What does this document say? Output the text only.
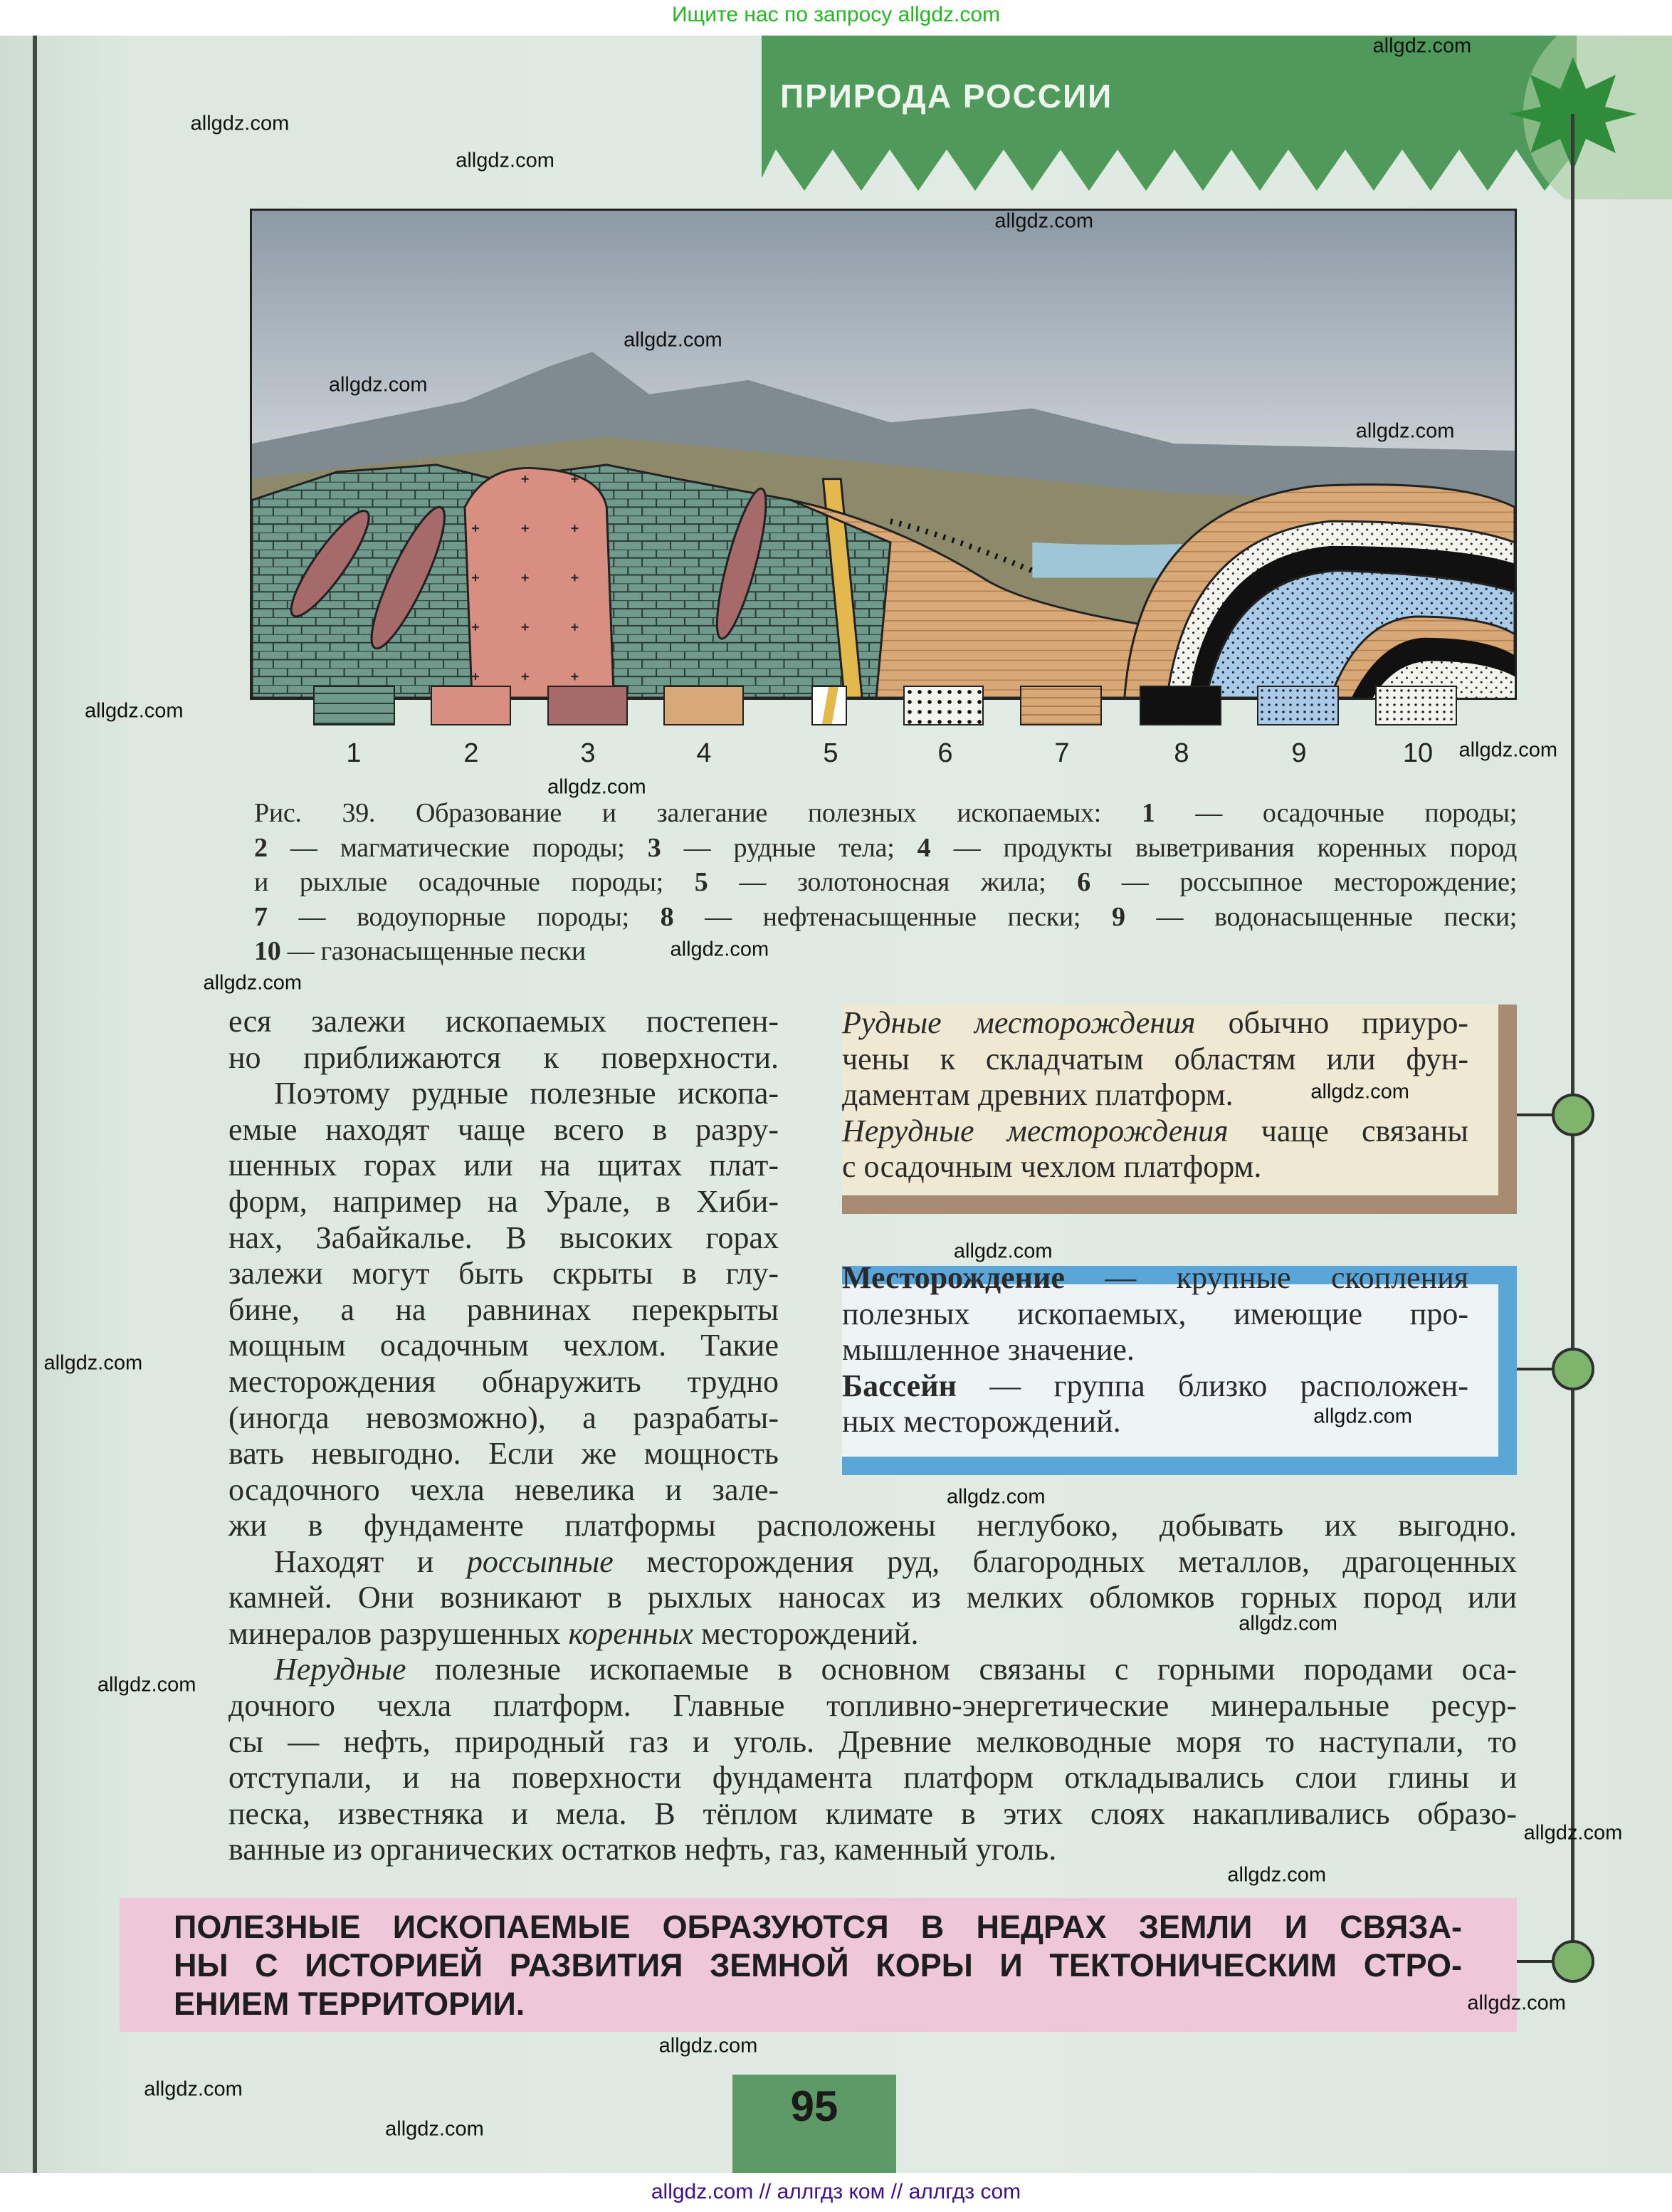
Ищите нас по запросу allgdz.com
ПРИРОДА РОССИИ
1	2	3	4	5	6	7	8	9	10
Рис. 39. Образование и залегание полезных ископаемых: 1 — осадочные породы;
2 — магматические породы; 3 — рудные тела; 4 — продукты выветривания коренных пород
и рыхлые осадочные породы; 5 — золотоносная жила; 6 — россыпное месторождение;
7 — водоупорные породы; 8 — нефтенасыщенные пески; 9 — водонасыщенные пески;
10 — газонасыщенные пески
еся залежи ископаемых постепен-
но приближаются к поверхности.
Поэтому рудные полезные ископа-
емые находят чаще всего в разру-
шенных горах или на щитах плат-
форм, например на Урале, в Хиби-
нах, Забайкалье. В высоких горах
залежи могут быть скрыты в глу-
бине, а на равнинах перекрыты
мощным осадочным чехлом. Такие
месторождения обнаружить трудно
(иногда невозможно), а разрабаты-
вать невыгодно. Если же мощность
осадочного чехла невелика и зале-
жи в фундаменте платформы расположены неглубоко, добывать их выгодно.
Находят и россыпные месторождения руд, благородных металлов, драгоценных
камней. Они возникают в рыхлых наносах из мелких обломков горных пород или
минералов разрушенных коренных месторождений.
Нерудные полезные ископаемые в основном связаны с горными породами оса-
дочного чехла платформ. Главные топливно-энергетические минеральные ресур-
сы — нефть, природный газ и уголь. Древние мелководные моря то наступали, то
отступали, и на поверхности фундамента платформ откладывались слои глины и
песка, известняка и мела. В тёплом климате в этих слоях накапливались образо-
ванные из органических остатков нефть, газ, каменный уголь.
Рудные месторождения обычно приуро-
чены к складчатым областям или фун-
даментам древних платформ.
Нерудные месторождения чаще связаны
с осадочным чехлом платформ.
Месторождение — крупные скопления
полезных ископаемых, имеющие про-
мышленное значение.
Бассейн — группа близко расположен-
ных месторождений.
ПОЛЕЗНЫЕ ИСКОПАЕМЫЕ ОБРАЗУЮТСЯ В НЕДРАХ ЗЕМЛИ И СВЯЗА-
НЫ С ИСТОРИЕЙ РАЗВИТИЯ ЗЕМНОЙ КОРЫ И ТЕКТОНИЧЕСКИМ СТРО-
ЕНИЕМ ТЕРРИТОРИИ.
95
allgdz.com // аллгдз ком // аллгдз com
allgdz.com
allgdz.com
allgdz.com
allgdz.com
allgdz.com
allgdz.com
allgdz.com
allgdz.com
allgdz.com
allgdz.com
allgdz.com
allgdz.com
allgdz.com
allgdz.com
allgdz.com
allgdz.com
allgdz.com
allgdz.com
allgdz.com
allgdz.com
allgdz.com
allgdz.com
allgdz.com
allgdz.com
allgdz.com
